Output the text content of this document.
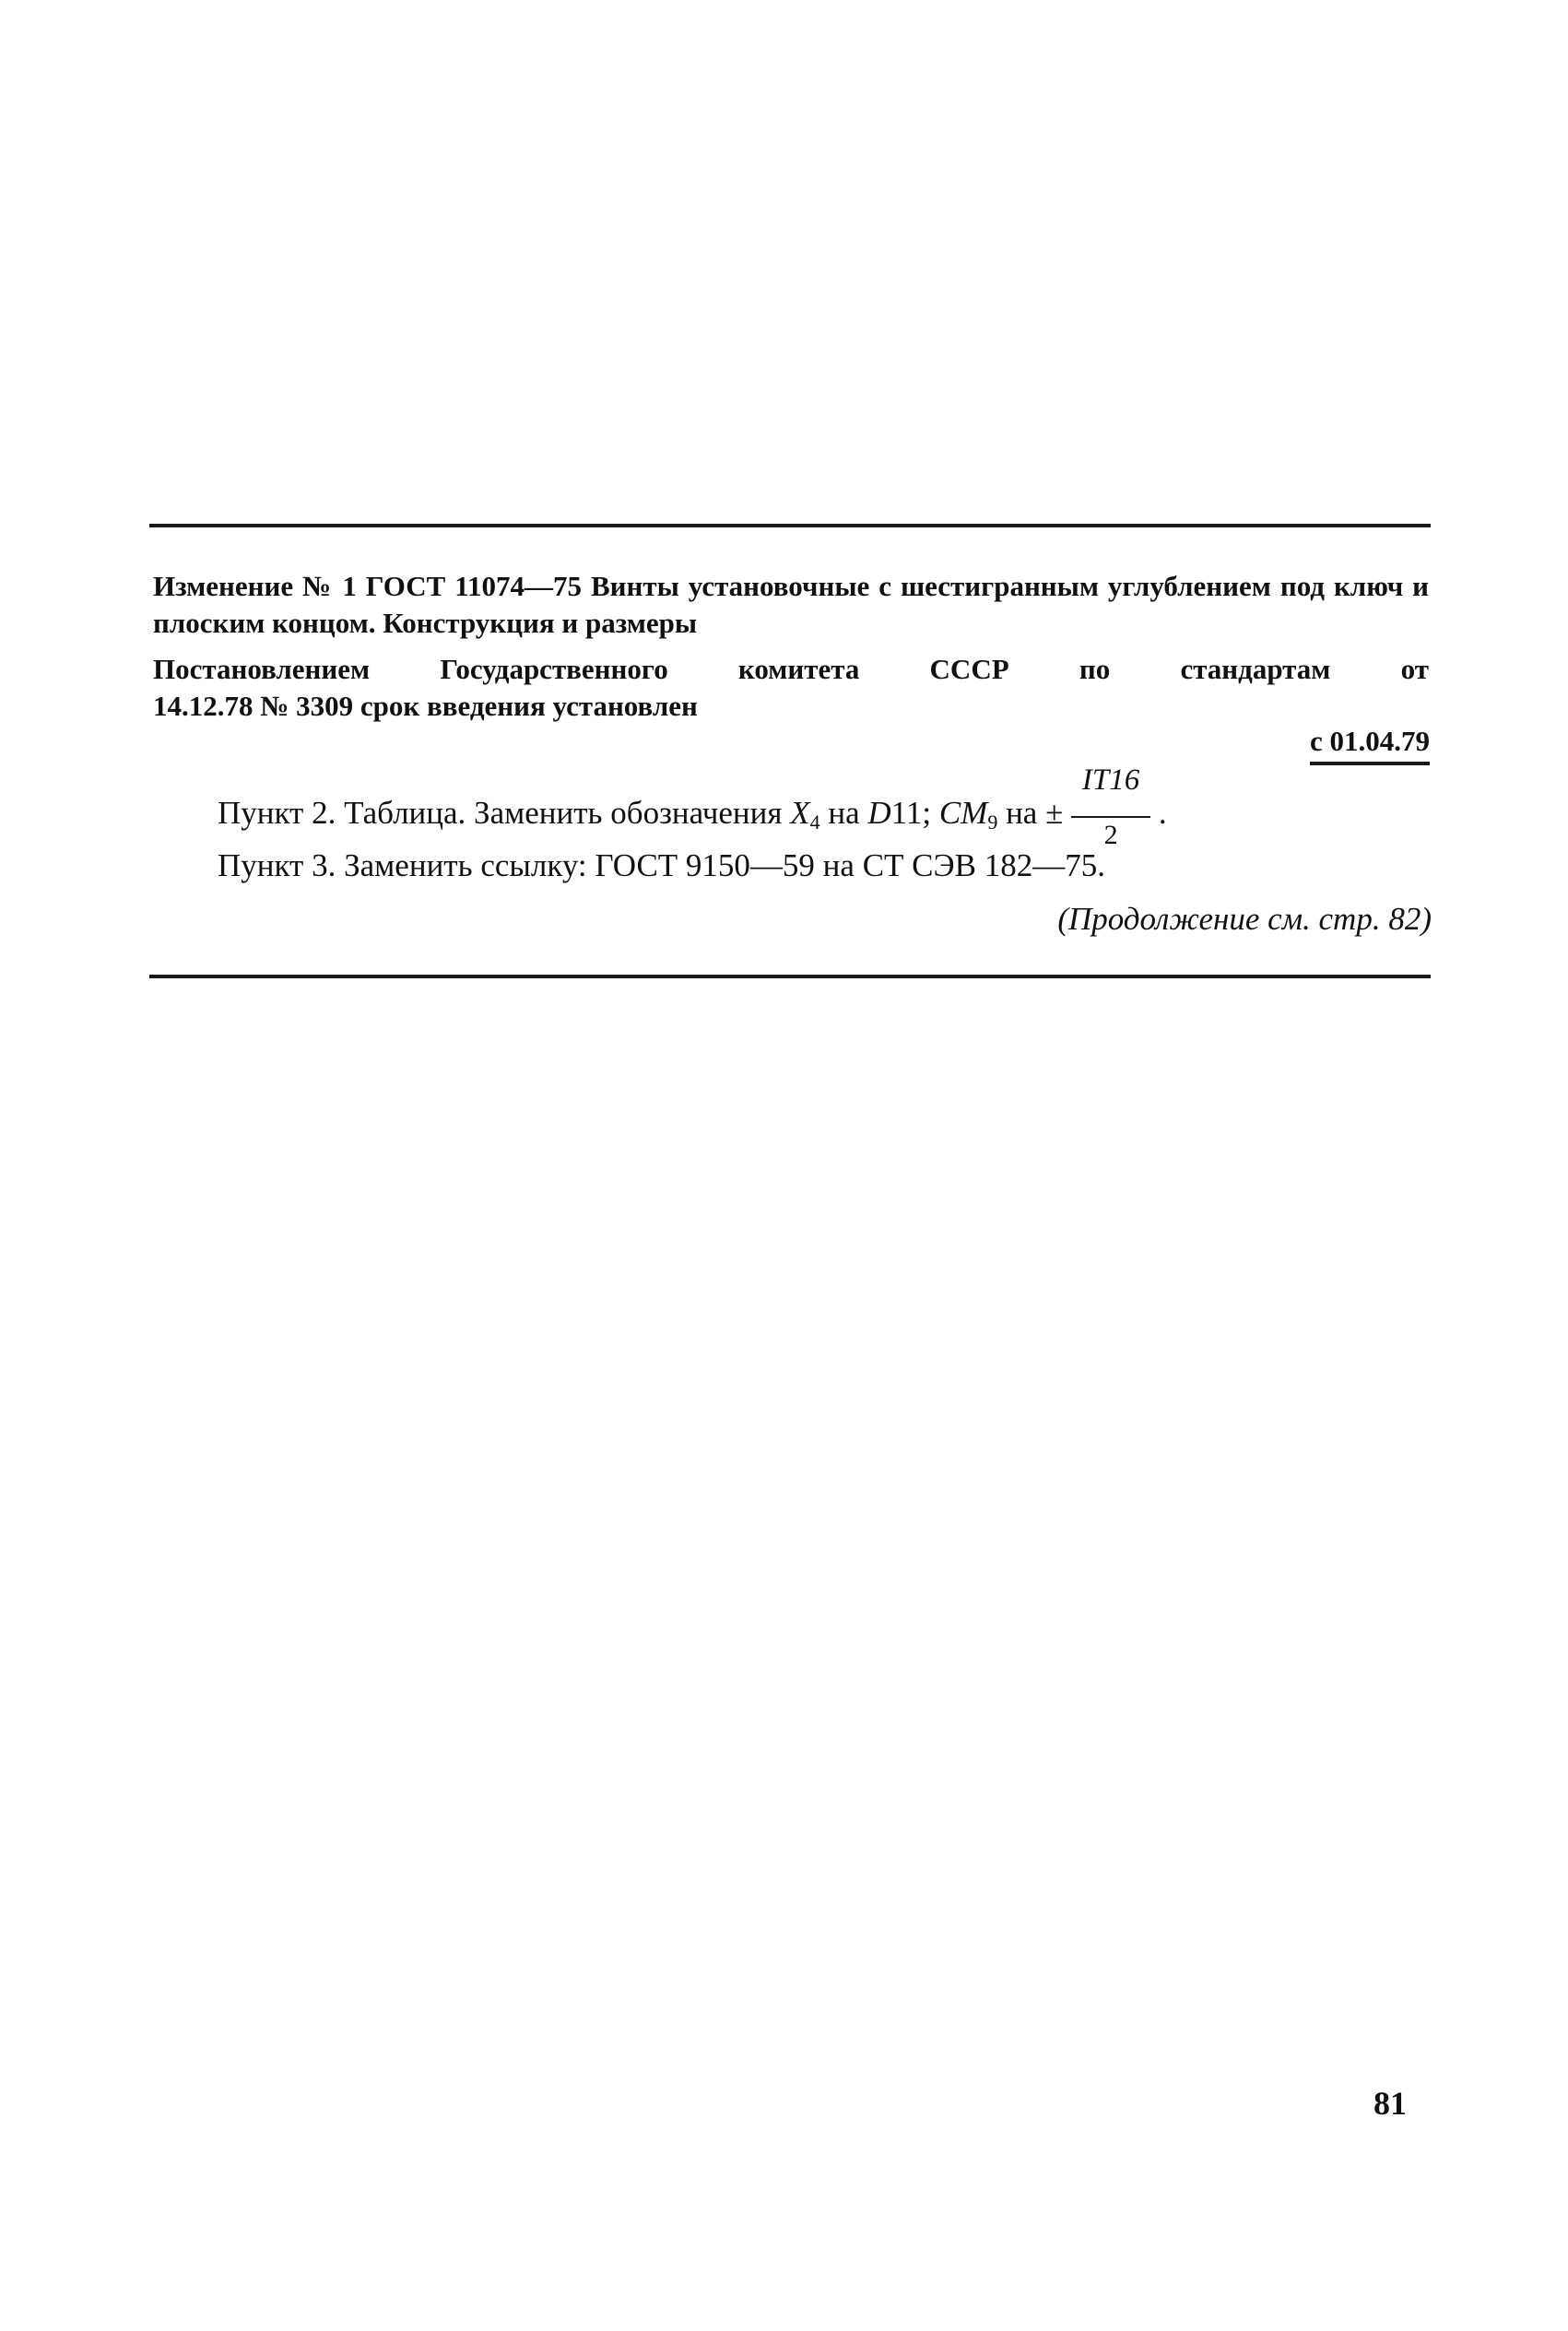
Изменение № 1 ГОСТ 11074—75 Винты установочные с шестигранным углублением под ключ и плоским концом. Конструкция и размеры
Постановлением Государственного комитета СССР по стандартам от
14.12.78 № 3309 срок введения установлен
с 01.04.79
Пункт 2. Таблица. Заменить обозначения $X_4$ на D11; $CM_9$ на ± $\frac{IT16}{2}$ .
Пункт 3. Заменить ссылку: ГОСТ 9150—59 на СТ СЭВ 182—75.
(Продолжение см. стр. 82)
81
